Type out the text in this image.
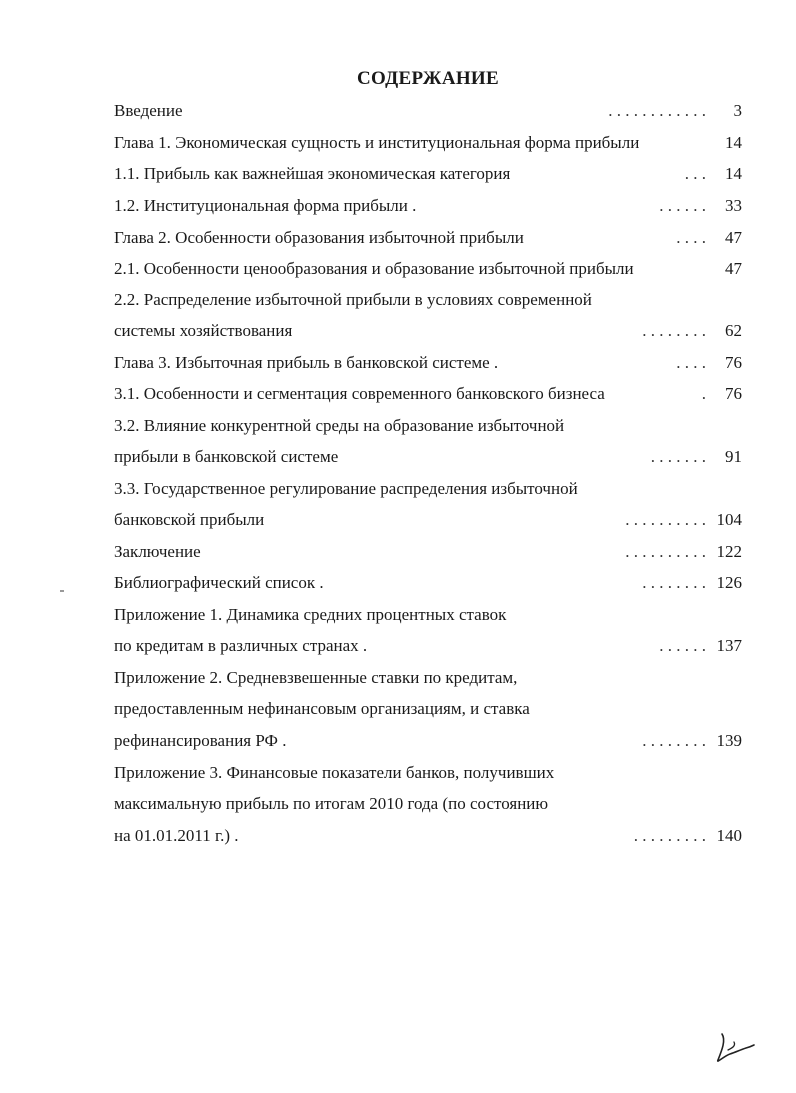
СОДЕРЖАНИЕ
Введение	. . . . . . . . . . . .	3
Глава 1. Экономическая сущность и институциональная форма прибыли	14
1.1. Прибыль как важнейшая экономическая категория	. . .	14
1.2. Институциональная форма прибыли .	. . . . . .	33
Глава 2. Особенности образования избыточной прибыли	. . . .	47
2.1. Особенности ценообразования и образование избыточной прибыли	47
2.2. Распределение избыточной прибыли в условиях современной
системы хозяйствования	. . . . . . . .	62
Глава 3. Избыточная прибыль в банковской системе .	. . . .	76
3.1. Особенности и сегментация современного банковского бизнеса	.	76
3.2. Влияние конкурентной среды на образование избыточной
прибыли в банковской системе	. . . . . . .	91
3.3. Государственное регулирование распределения избыточной
банковской прибыли	. . . . . . . . . . 104
Заключение	. . . . . . . . . . 122
Библиографический список .	. . . . . . . . 126
Приложение 1. Динамика средних процентных ставок
по кредитам в различных странах .	. . . . . . 137
Приложение 2. Средневзвешенные ставки по кредитам,
предоставленным нефинансовым организациям, и ставка
рефинансирования РФ .	. . . . . . . . 139
Приложение 3. Финансовые показатели банков, получивших
максимальную прибыль по итогам 2010 года (по состоянию
на 01.01.2011 г.) .	. . . . . . . . . 140
